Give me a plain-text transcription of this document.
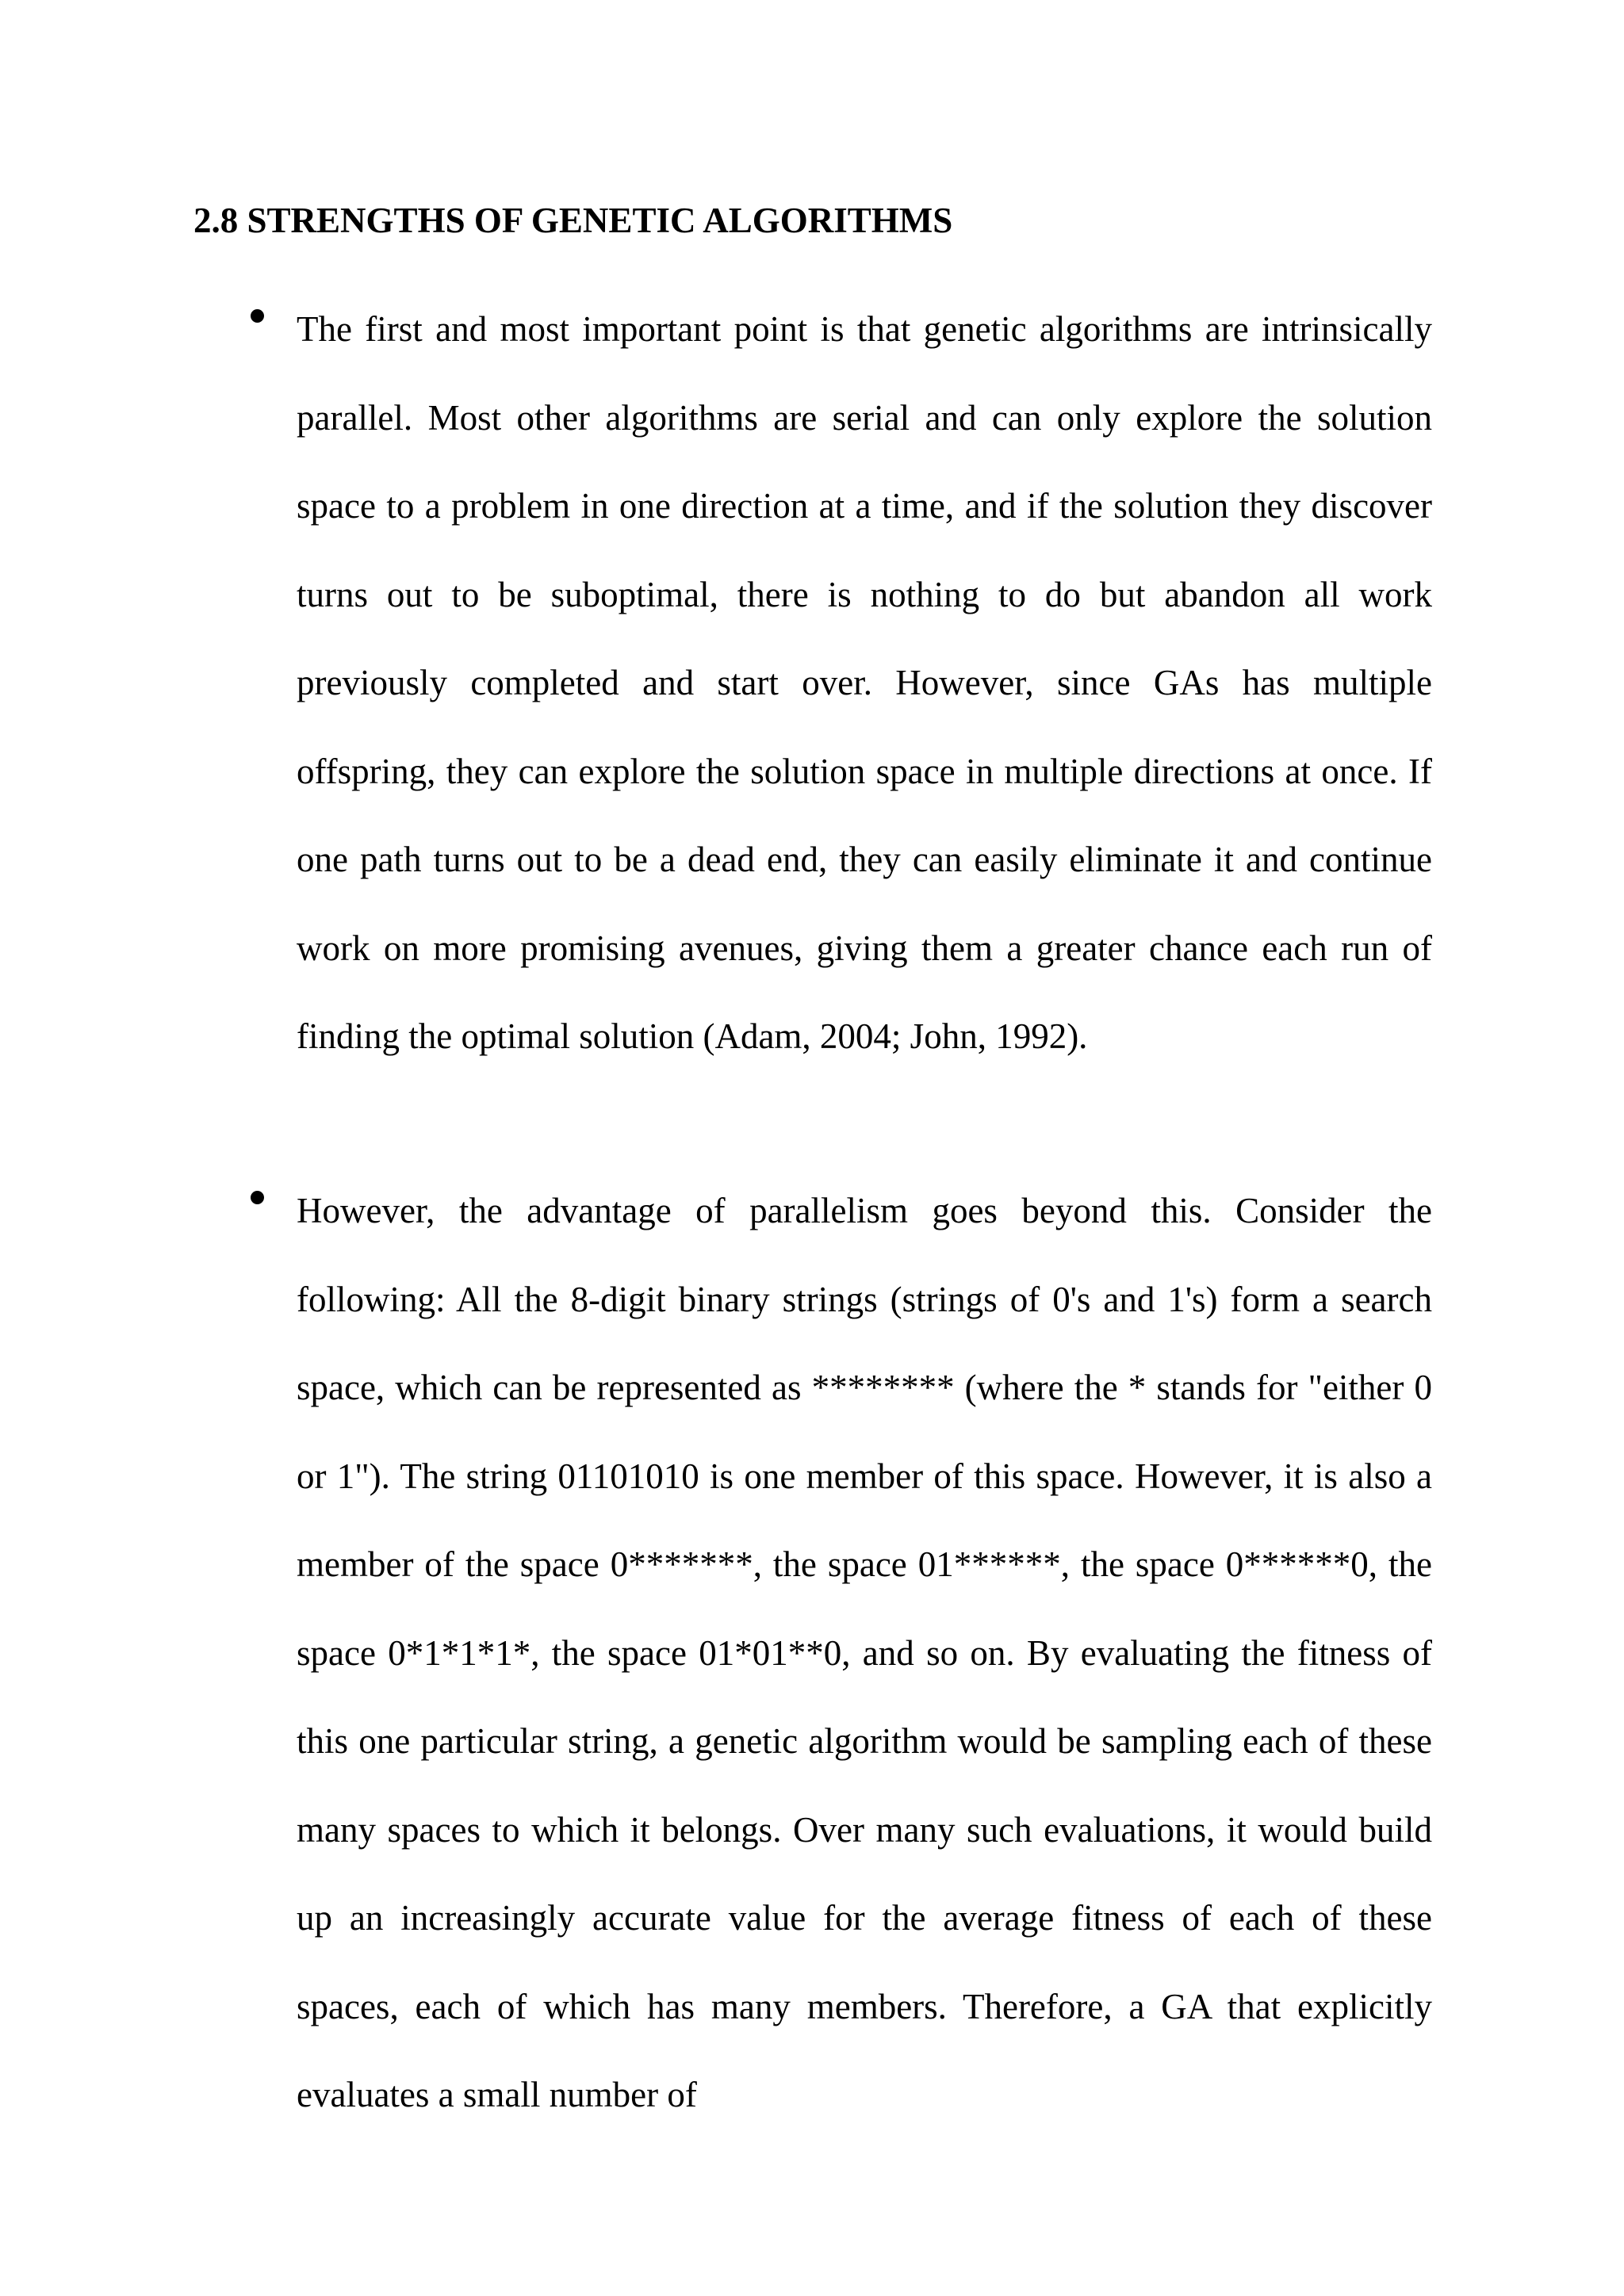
2.8 STRENGTHS OF GENETIC ALGORITHMS

The first and most important point is that genetic algorithms are intrinsically parallel. Most other algorithms are serial and can only explore the solution space to a problem in one direction at a time, and if the solution they discover turns out to be suboptimal, there is nothing to do but abandon all work previously completed and start over. However, since GAs has multiple offspring, they can explore the solution space in multiple directions at once. If one path turns out to be a dead end, they can easily eliminate it and continue work on more promising avenues, giving them a greater chance each run of finding the optimal solution (Adam, 2004; John, 1992).

However, the advantage of parallelism goes beyond this. Consider the following: All the 8-digit binary strings (strings of 0's and 1's) form a search space, which can be represented as ******** (where the * stands for "either 0 or 1"). The string 01101010 is one member of this space. However, it is also a member of the space 0*******, the space 01******, the space 0******0, the space 0*1*1*1*, the space 01*01**0, and so on. By evaluating the fitness of this one particular string, a genetic algorithm would be sampling each of these many spaces to which it belongs. Over many such evaluations, it would build up an increasingly accurate value for the average fitness of each of these spaces, each of which has many members. Therefore, a GA that explicitly evaluates a small number of
